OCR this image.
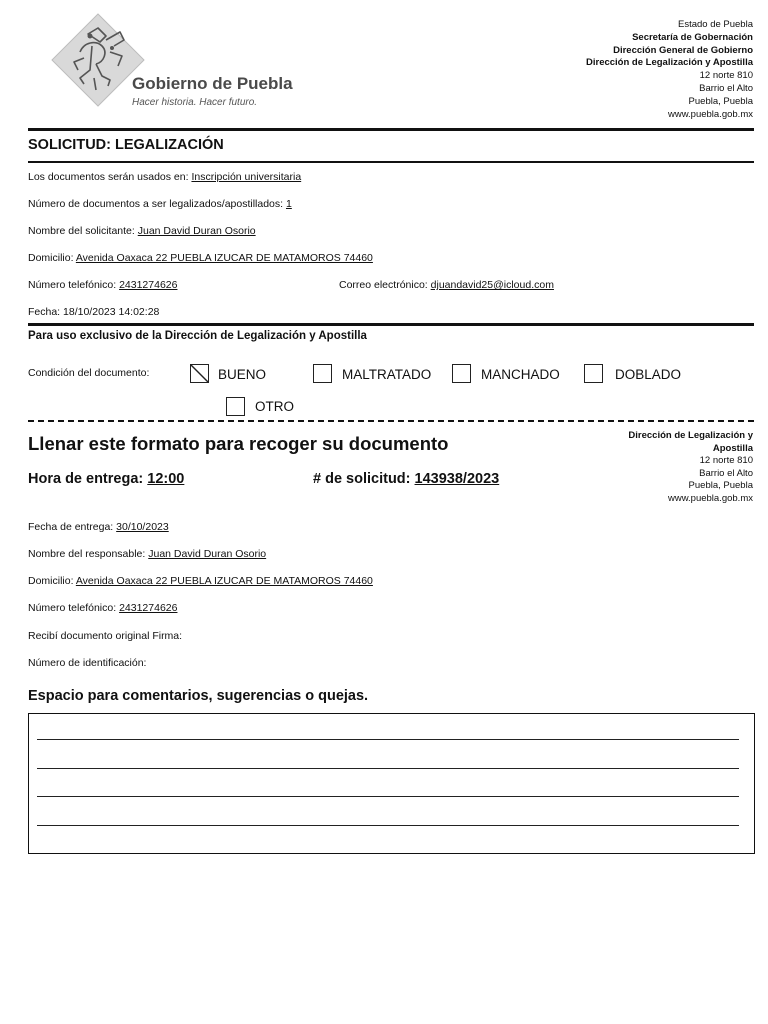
Gobierno de Puebla
Hacer historia. Hacer futuro.
Estado de Puebla
Secretaría de Gobernación
Dirección General de Gobierno
Dirección de Legalización y Apostilla
12 norte 810
Barrio el Alto
Puebla, Puebla
www.puebla.gob.mx
SOLICITUD: LEGALIZACIÓN
Los documentos serán usados en: Inscripción universitaria
Número de documentos a ser legalizados/apostillados: 1
Nombre del solicitante: Juan David Duran Osorio
Domicilio: Avenida Oaxaca 22 PUEBLA IZUCAR DE MATAMOROS 74460
Número telefónico: 2431274626	Correo electrónico: djuandavid25@icloud.com
Fecha: 18/10/2023 14:02:28
Para uso exclusivo de la Dirección de Legalización y Apostilla
Condición del documento:	BUENO	MALTRATADO	MANCHADO	DOBLADO
OTRO
Llenar este formato para recoger su documento	Dirección de Legalización y
Apostilla
12 norte 810
Barrio el Alto
Puebla, Puebla
www.puebla.gob.mx
Hora de entrega: 12:00	# de solicitud: 143938/2023
Fecha de entrega: 30/10/2023
Nombre del responsable: Juan David Duran Osorio
Domicilio: Avenida Oaxaca 22 PUEBLA IZUCAR DE MATAMOROS 74460
Número telefónico: 2431274626
Recibí documento original Firma:
Número de identificación:
Espacio para comentarios, sugerencias o quejas.
